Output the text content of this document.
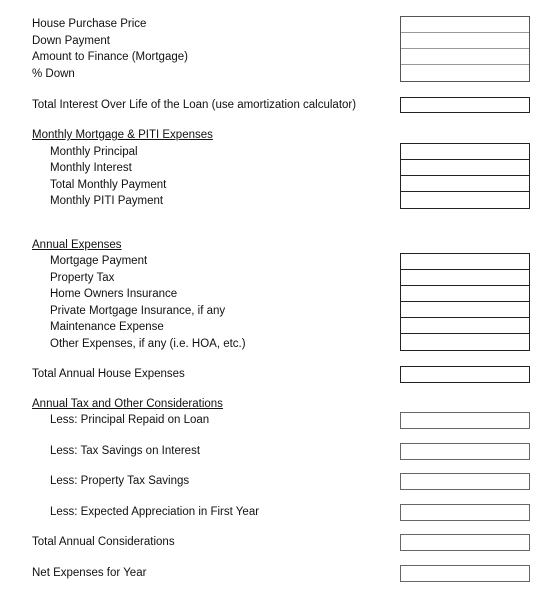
House Purchase Price
Down Payment
Amount to Finance (Mortgage)
% Down
Total Interest Over Life of the Loan (use amortization calculator)
Monthly Mortgage & PITI Expenses
Monthly Principal
Monthly Interest
Total Monthly Payment
Monthly PITI Payment
Annual Expenses
Mortgage Payment
Property Tax
Home Owners Insurance
Private Mortgage Insurance, if any
Maintenance Expense
Other Expenses, if any (i.e. HOA, etc.)
Total Annual House Expenses
Annual Tax and Other Considerations
Less: Principal Repaid on Loan
Less: Tax Savings on Interest
Less: Property Tax Savings
Less: Expected Appreciation in First Year
Total Annual Considerations
Net Expenses for Year
